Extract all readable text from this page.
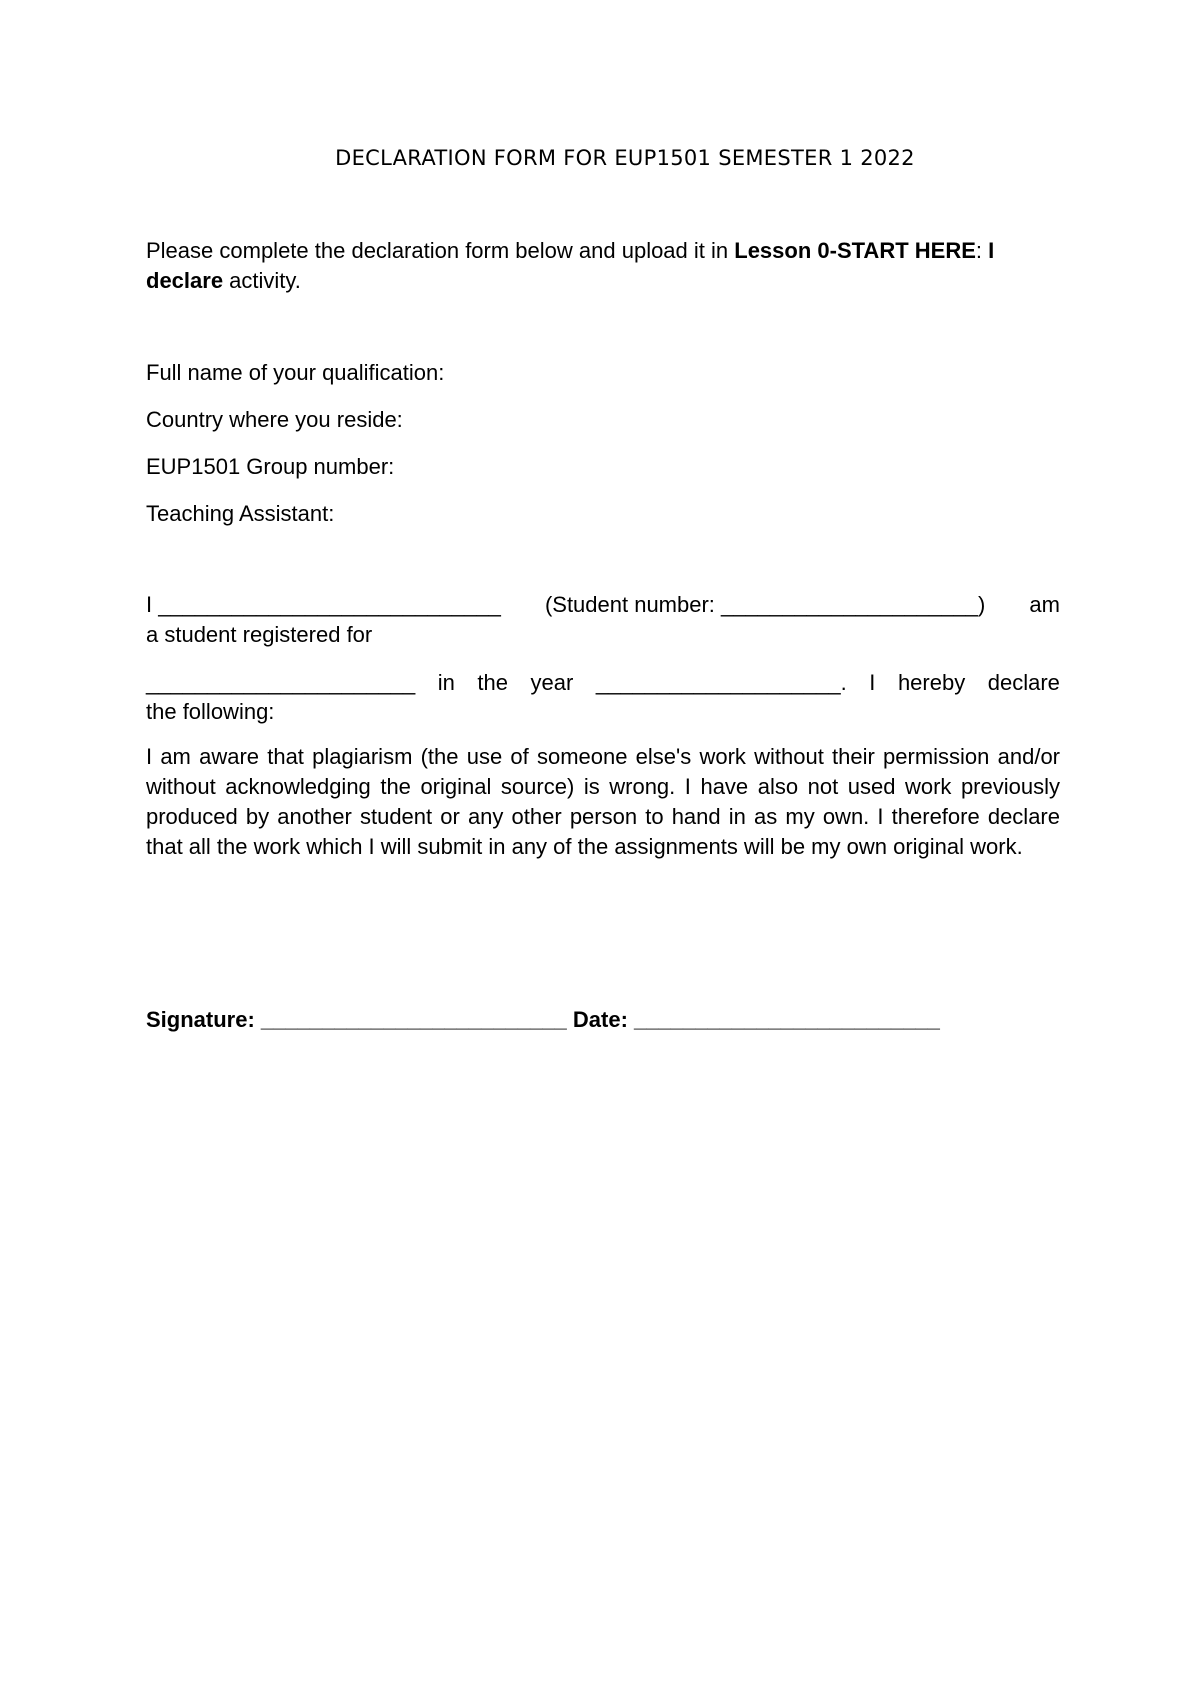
DECLARATION FORM FOR EUP1501 SEMESTER 1 2022
Please complete the declaration form below and upload it in Lesson 0-START HERE: I declare activity.
Full name of your qualification:
Country where you reside:
EUP1501 Group number:
Teaching Assistant:
I ____________________________ (Student number: _____________________) am
a student registered for
______________________ in the year ____________________. I hereby declare
the following:
I am aware that plagiarism (the use of someone else's work without their permission and/or without acknowledging the original source) is wrong. I have also not used work previously produced by another student or any other person to hand in as my own. I therefore declare that all the work which I will submit in any of the assignments will be my own original work.
Signature: _________________________ Date: _________________________
